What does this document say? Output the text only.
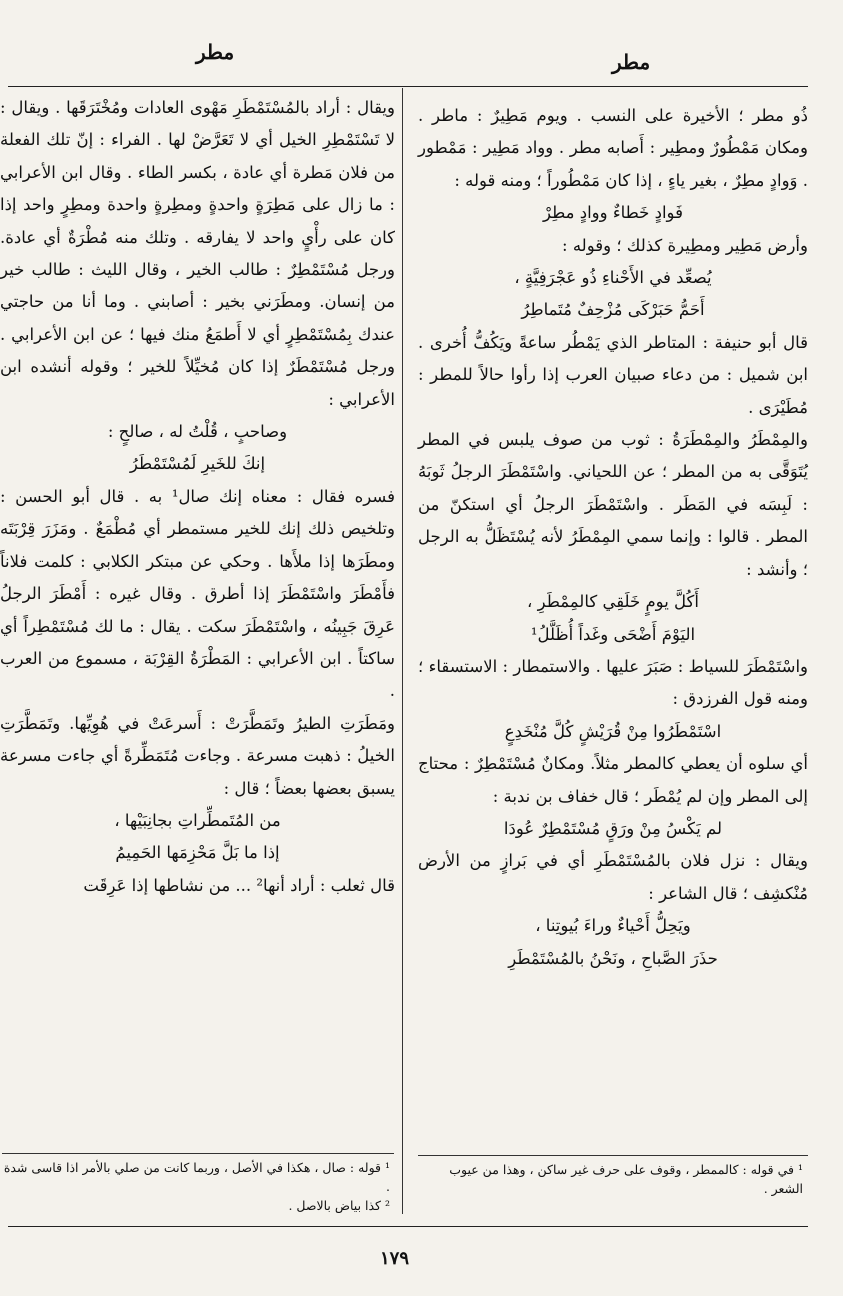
مطر	مطر

ذُو مطر ؛ الأخيرة على النسب . ويوم مَطِيرٌ : ماطر . ومكان مَمْطُورٌ ومطِير : أَصابه مطر . وواد مَطِير : مَمْطور . وَوادٍ مطِرٌ ، بغير ياءٍ ، إذا كان مَمْطُوراً ؛ ومنه قوله :

فَوادٍ خَطاءٌ ووادٍ مطِرْ

وأرض مَطِير ومطِيرة كذلك ؛ وقوله :

يُصعِّد في الأَحْناءِ ذُو عَجْرَفِيَّةٍ ،

أَحَمُّ حَبَرْكَى مُزْحِفٌ مُتَماطِرُ

قال أبو حنيفة : المتاطر الذي يَمْطُر ساعةً ويَكُفُّ أُخرى . ابن شميل : من دعاء صبيان العرب إذا رأوا حالاً للمطر : مُطَيْرَى .

والمِمْطَرُ والمِمْطَرَةُ : ثوب من صوف يلبس في المطر يُتَوَقَّى به من المطر ؛ عن اللحياني. واسْتَمْطَرَ الرجلُ ثَوبَهُ : لَبِسَه في المَطَر . واسْتَمْطَرَ الرجلُ أي استكنّ من المطر . قالوا : وإنما سمي المِمْطَرُ لأنه يُسْتَظَلُّ به الرجل ؛ وأنشد :

أَكُلَّ يومٍ خَلَقِي كالمِمْطَرِ ،

اليَوْمَ أَضْحَى وغَداً أُظَلَّلُ¹

واسْتَمْطَرَ للسياط : صَبَرَ عليها . والاستمطار : الاستسقاء ؛ ومنه قول الفرزدق :

اسْتَمْطَرُوا مِنْ قُرَيْشٍ كُلَّ مُنْخَدِعٍ

أي سلوه أن يعطي كالمطر مثلاً. ومكانٌ مُسْتَمْطِرٌ : محتاج إلى المطر وإن لم يُمْطَر ؛ قال خفاف بن ندبة :

لم يَكْسُ مِنْ ورَقٍ مُسْتَمْطِرٌ عُودَا

ويقال : نزل فلان بالمُسْتَمْطَرِ أي في بَرازٍ من الأرض مُنْكشِف ؛ قال الشاعر :

ويَحِلُّ أَحْياءٌ وراءَ بُيوتِنا ،

حذَرَ الصَّباحِ ، ونَحْنُ بالمُسْتَمْطَرِ

ويقال : أراد بالمُسْتَمْطَرِ مَهْوى العادات ومُخْتَرَقَها . ويقال : لا تَسْتَمْطِرِ الخيل أي لا تَعَرَّضْ لها . الفراء : إنّ تلك الفعلة من فلان مَطرة أي عادة ، بكسر الطاء . وقال ابن الأعرابي : ما زال على مَطِرَةٍ واحدةٍ ومطِرةٍ واحدة ومطِرٍ واحد إذا كان على رأْيٍ واحد لا يفارقه . وتلك منه مُطْرَةٌ أي عادة. ورجل مُسْتَمْطِرٌ : طالب الخير ، وقال الليث : طالب خير من إنسان. ومطَرَني بخير : أصابني . وما أنا من حاجتي عندك بِمُسْتَمْطِرٍ أي لا أَطمَعُ منك فيها ؛ عن ابن الأعرابي . ورجل مُسْتَمْطَرٌ إذا كان مُخيِّلاً للخير ؛ وقوله أنشده ابن الأعرابي :

وصاحبٍ ، قُلْتُ له ، صالحٍ :

إنكَ للخَيرِ لَمُسْتَمْطَرُ

فسره فقال : معناه إنك صال¹ به . قال أبو الحسن : وتلخيص ذلك إنك للخير مستمطر أي مُطْمَعٌ . ومَزَرَ قِرْبَتَه ومطَرَها إذا ملأَها . وحكي عن مبتكر الكلابي : كلمت فلاناً فأَمْطَرَ واسْتَمْطَرَ إذا أطرق . وقال غيره : أَمْطَرَ الرجلُ عَرِقَ جَبِينُه ، واسْتَمْطَرَ سكت . يقال : ما لك مُسْتَمْطِراً أي ساكتاً . ابن الأعرابي : المَطْرَةُ القِرْبَة ، مسموع من العرب .

ومَطَرَتِ الطيرُ وتَمَطَّرَتْ : أَسرعَتْ في هُوِيِّها. وتَمَطَّرَتِ الخيلُ : ذهبت مسرعة . وجاءت مُتَمَطِّرةً أي جاءت مسرعة يسبق بعضها بعضاً ؛ قال :

من المُتَمطِّراتِ بجانِبَيْها ،

إذا ما بَلَّ مَحْزِمَها الحَمِيمُ

قال ثعلب : أراد أنها² ... من نشاطها إذا عَرِقَت

¹ في قوله : كالممطر ، وقوف على حرف غير ساكن ، وهذا من عيوب الشعر .
¹ قوله : صال ، هكذا في الأصل ، وربما كانت من صلي بالأمر اذا قاسى شدة .
² كذا بياض بالاصل .
١٧٩
